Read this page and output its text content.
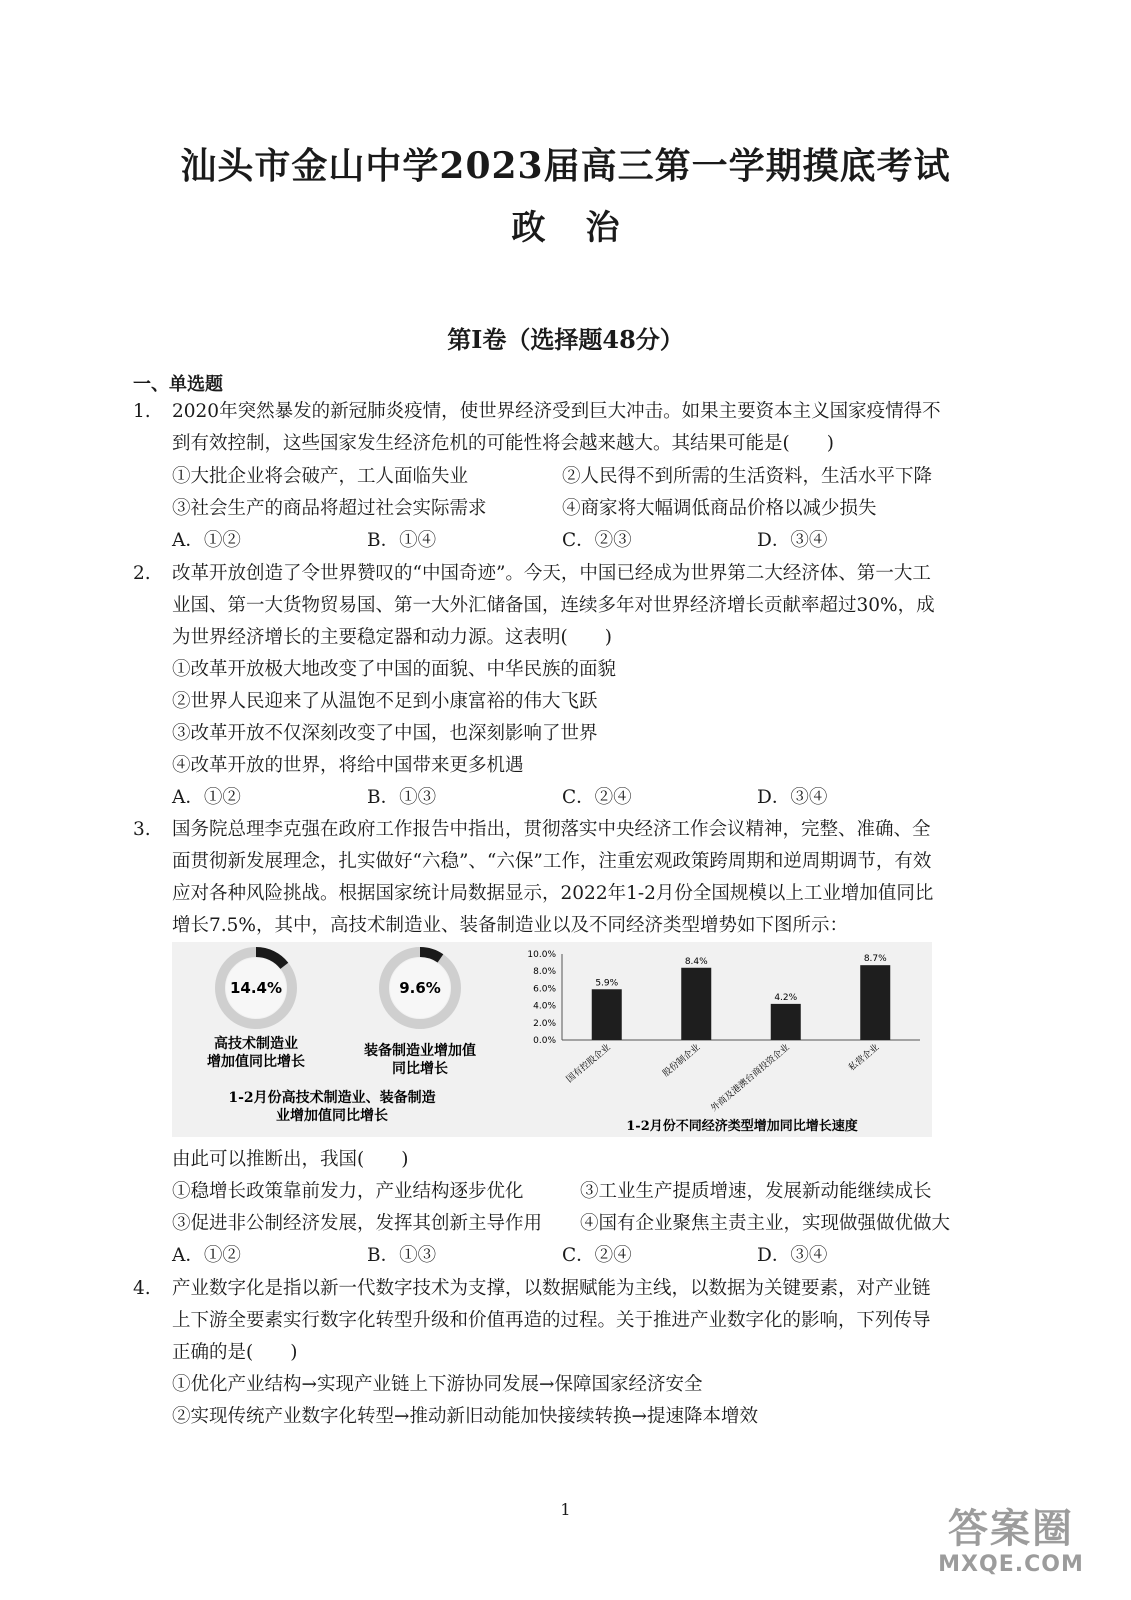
汕头市金山中学2023届高三第一学期摸底考试
政治
第Ⅰ卷（选择题48分）
一、单选题
1. 2020年突然暴发的新冠肺炎疫情，使世界经济受到巨大冲击。如果主要资本主义国家疫情得不
到有效控制，这些国家发生经济危机的可能性将会越来越大。其结果可能是(　　)
①大批企业将会破产，工人面临失业	②人民得不到所需的生活资料，生活水平下降
③社会生产的商品将超过社会实际需求	④商家将大幅调低商品价格以减少损失
A．①②	B．①④	C．②③	D．③④
2. 改革开放创造了令世界赞叹的“中国奇迹”。今天，中国已经成为世界第二大经济体、第一大工
业国、第一大货物贸易国、第一大外汇储备国，连续多年对世界经济增长贡献率超过30%，成
为世界经济增长的主要稳定器和动力源。这表明(　　)
①改革开放极大地改变了中国的面貌、中华民族的面貌
②世界人民迎来了从温饱不足到小康富裕的伟大飞跃
③改革开放不仅深刻改变了中国，也深刻影响了世界
④改革开放的世界，将给中国带来更多机遇
A．①②	B．①③	C．②④	D．③④
3. 国务院总理李克强在政府工作报告中指出，贯彻落实中央经济工作会议精神，完整、准确、全
面贯彻新发展理念，扎实做好“六稳”、“六保”工作，注重宏观政策跨周期和逆周期调节，有效
应对各种风险挑战。根据国家统计局数据显示，2022年1-2月份全国规模以上工业增加值同比
增长7.5%，其中，高技术制造业、装备制造业以及不同经济类型增势如下图所示：
14.4%
高技术制造业
增加值同比增长
9.6%
装备制造业增加值
同比增长
1-2月份高技术制造业、装备制造
业增加值同比增长
10.0%
8.0%
6.0%
4.0%
2.0%
0.0%
5.9%
国有控股企业
8.4%
股份制企业
4.2%
外商及港澳台商投资企业
8.7%
私营企业
1-2月份不同经济类型增加同比增长速度
由此可以推断出，我国(　　)
①稳增长政策靠前发力，产业结构逐步优化	③工业生产提质增速，发展新动能继续成长
③促进非公制经济发展，发挥其创新主导作用 ④国有企业聚焦主责主业，实现做强做优做大
A．①②	B．①③	C．②④	D．③④
4. 产业数字化是指以新一代数字技术为支撑，以数据赋能为主线，以数据为关键要素，对产业链
上下游全要素实行数字化转型升级和价值再造的过程。关于推进产业数字化的影响，下列传导
正确的是(　　)
①优化产业结构→实现产业链上下游协同发展→保障国家经济安全
②实现传统产业数字化转型→推动新旧动能加快接续转换→提速降本增效
1	答案圈
MXQE.COM
